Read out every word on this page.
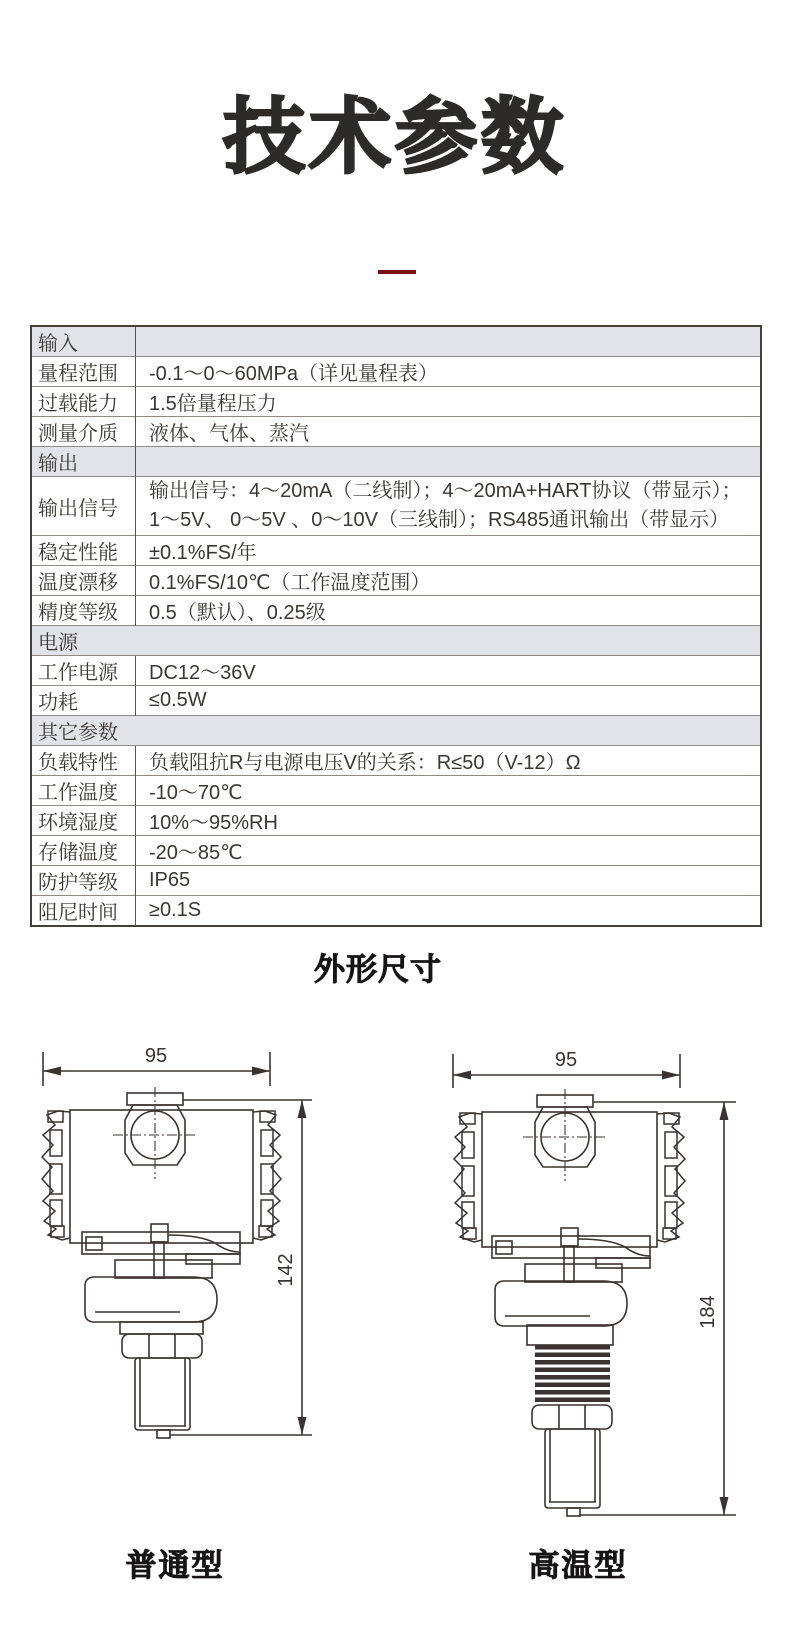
技术参数
输入	
量程范围	-0.1～0～60MPa（详见量程表）
过载能力	1.5倍量程压力
测量介质	液体、气体、蒸汽
输出	
输出信号	输出信号：4～20mA（二线制）；4～20mA+HART协议（带显示）；
1～5V、 0～5V 、0～10V（三线制）；RS485通讯输出（带显示）

稳定性能	±0.1%FS/年
温度漂移	0.1%FS/10℃（工作温度范围）
精度等级	0.5（默认）、0.25级
电源	
工作电源	DC12～36V
功耗	≤0.5W
其它参数	
负载特性	负载阻抗R与电源电压V的关系：R≤50（V-12）Ω
工作温度	-10～70℃
环境湿度	10%～95%RH
存储温度	-20～85℃
防护等级	IP65
阻尼时间	≥0.1S
外形尺寸
95
142
95
184
普通型	高温型
